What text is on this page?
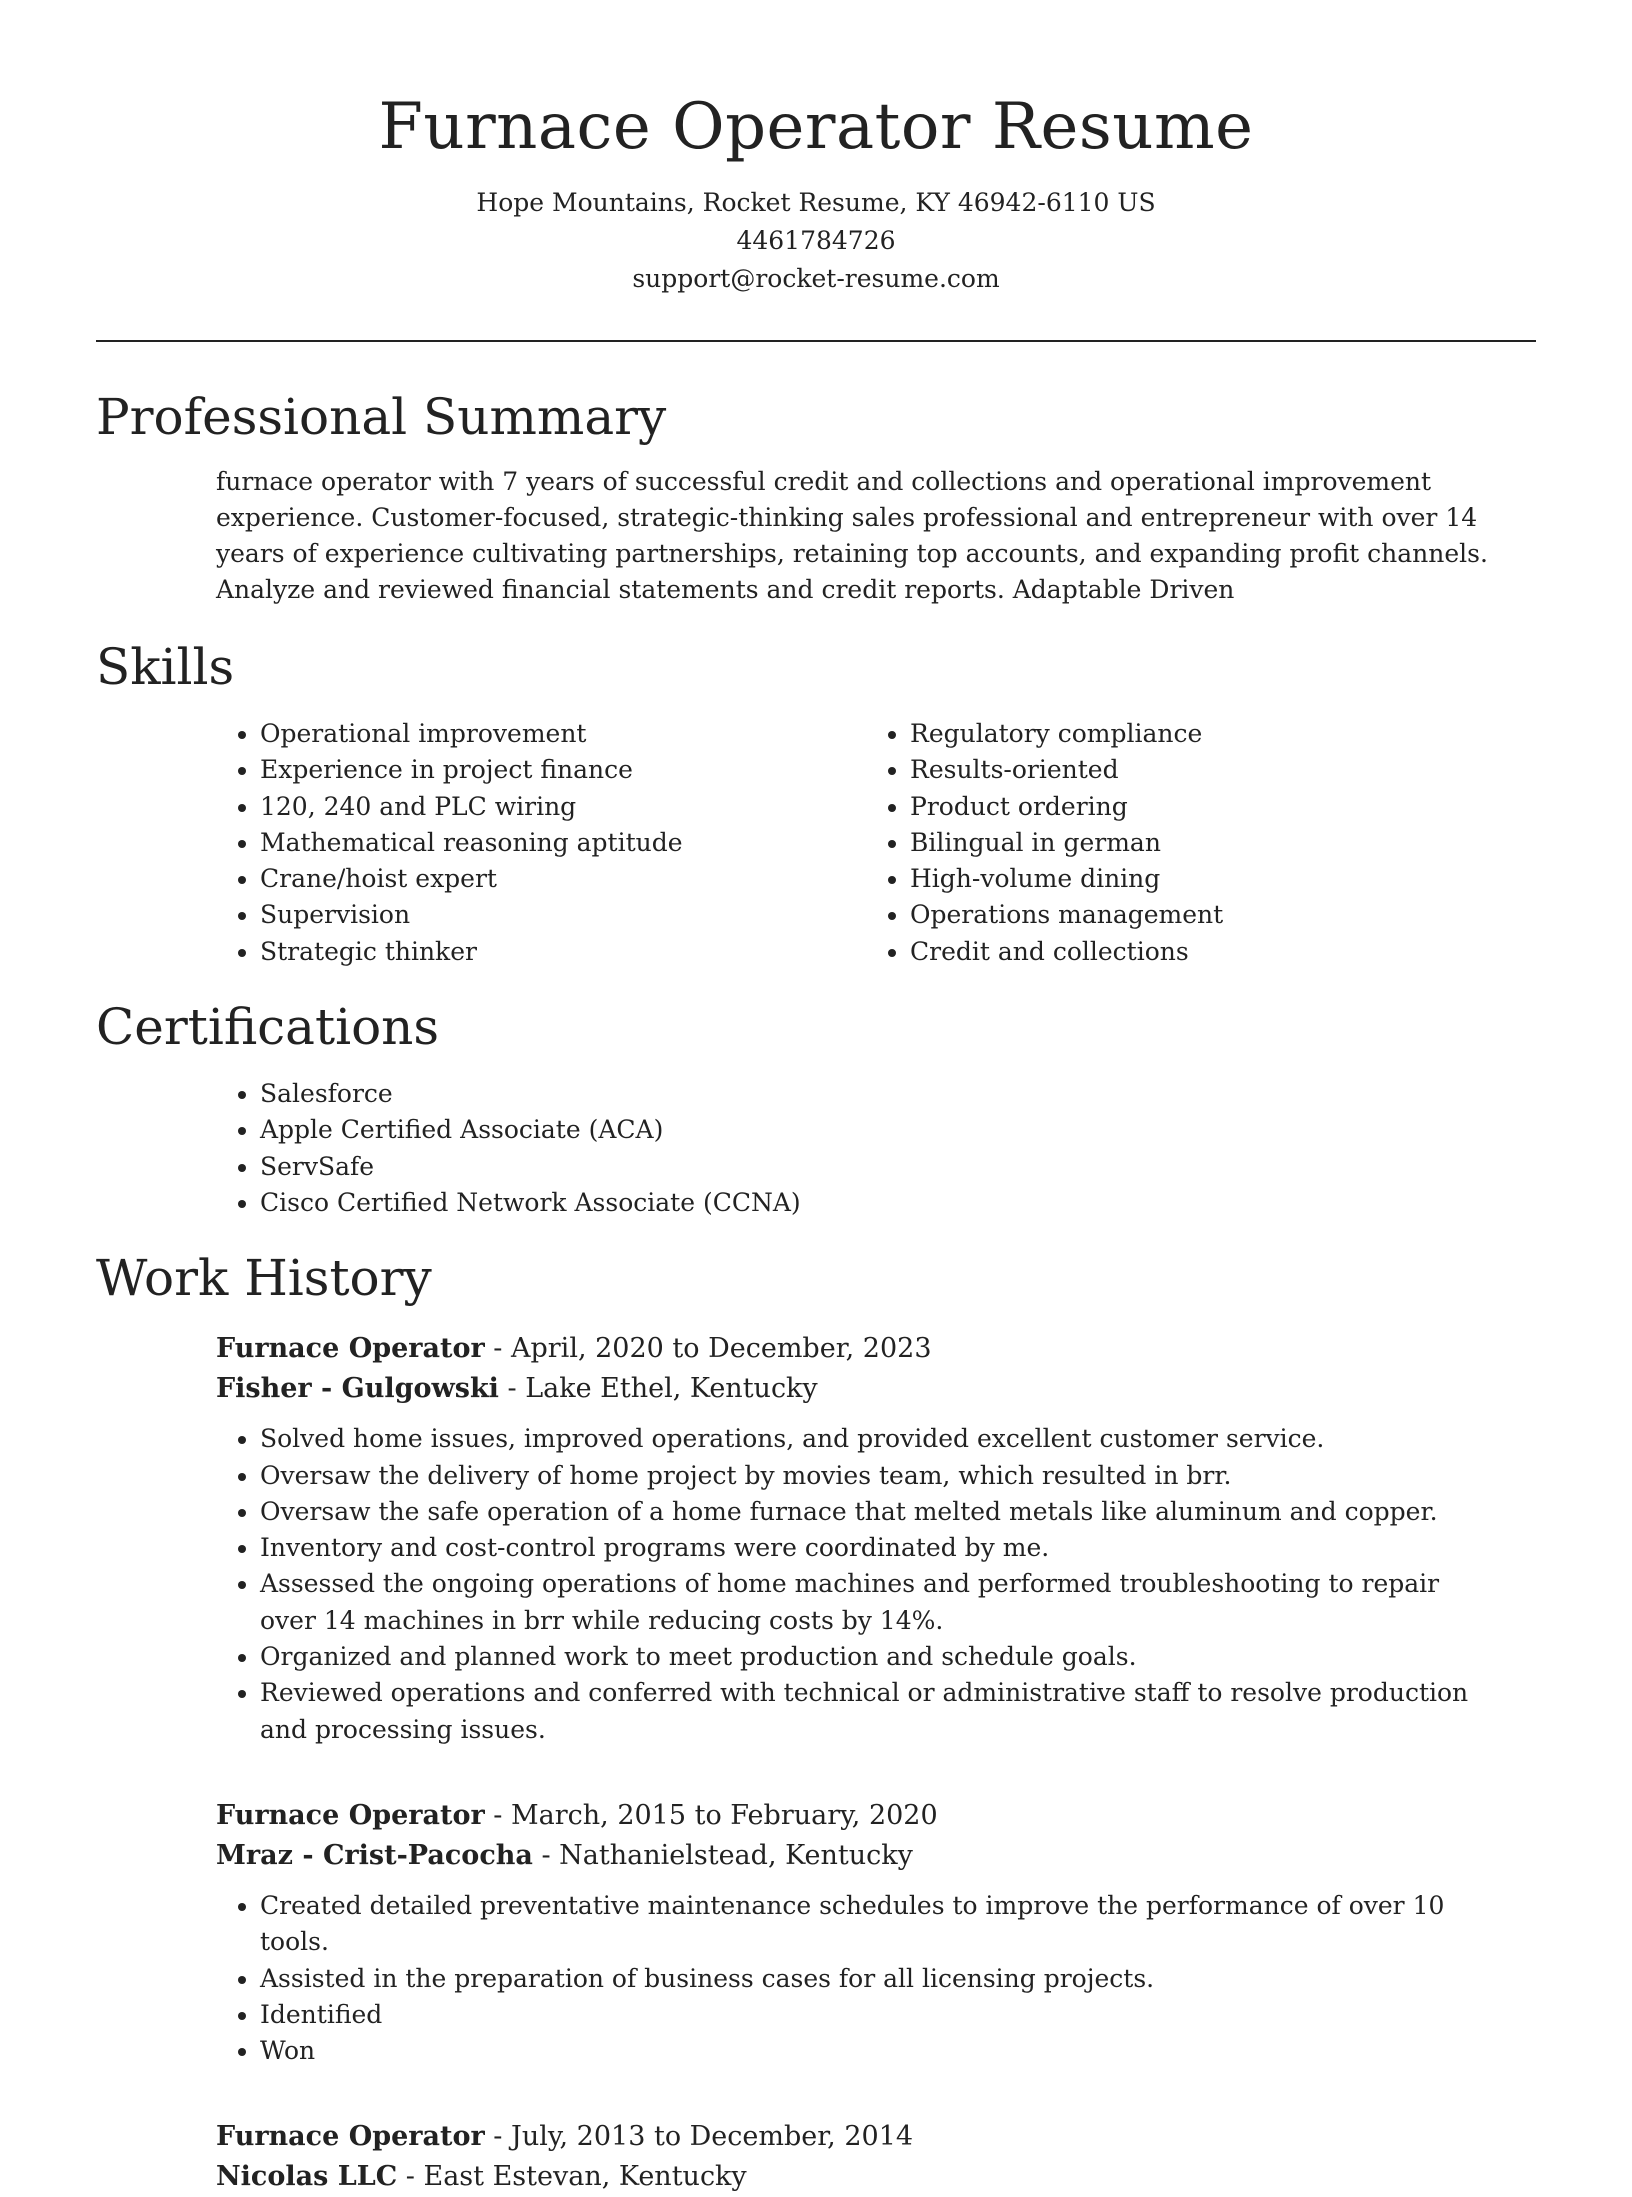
Furnace Operator Resume

Hope Mountains, Rocket Resume, KY 46942-6110 US

4461784726

support@rocket-resume.com

Professional Summary

furnace operator with 7 years of successful credit and collections and operational improvement experience. Customer-focused, strategic-thinking sales professional and entrepreneur with over 14 years of experience cultivating partnerships, retaining top accounts, and expanding profit channels. Analyze and reviewed financial statements and credit reports. Adaptable Driven

Skills
• Operational improvement
• Experience in project finance
• 120, 240 and PLC wiring
• Mathematical reasoning aptitude
• Crane/hoist expert
• Supervision
• Strategic thinker
• Regulatory compliance
• Results-oriented
• Product ordering
• Bilingual in german
• High-volume dining
• Operations management
• Credit and collections
Certifications
• Salesforce
• Apple Certified Associate (ACA)
• ServSafe
• Cisco Certified Network Associate (CCNA)
Work History

Furnace Operator - April, 2020 to December, 2023

Fisher - Gulgowski - Lake Ethel, Kentucky

• Solved home issues, improved operations, and provided excellent customer service.
• Oversaw the delivery of home project by movies team, which resulted in brr.
• Oversaw the safe operation of a home furnace that melted metals like aluminum and copper.
• Inventory and cost-control programs were coordinated by me.
• Assessed the ongoing operations of home machines and performed troubleshooting to repair over 14 machines in brr while reducing costs by 14%.
• Organized and planned work to meet production and schedule goals.
• Reviewed operations and conferred with technical or administrative staff to resolve production and processing issues.

Furnace Operator - March, 2015 to February, 2020

Mraz - Crist-Pacocha - Nathanielstead, Kentucky

• Created detailed preventative maintenance schedules to improve the performance of over 10 tools.
• Assisted in the preparation of business cases for all licensing projects.
• Identified
• Won

Furnace Operator - July, 2013 to December, 2014

Nicolas LLC - East Estevan, Kentucky
